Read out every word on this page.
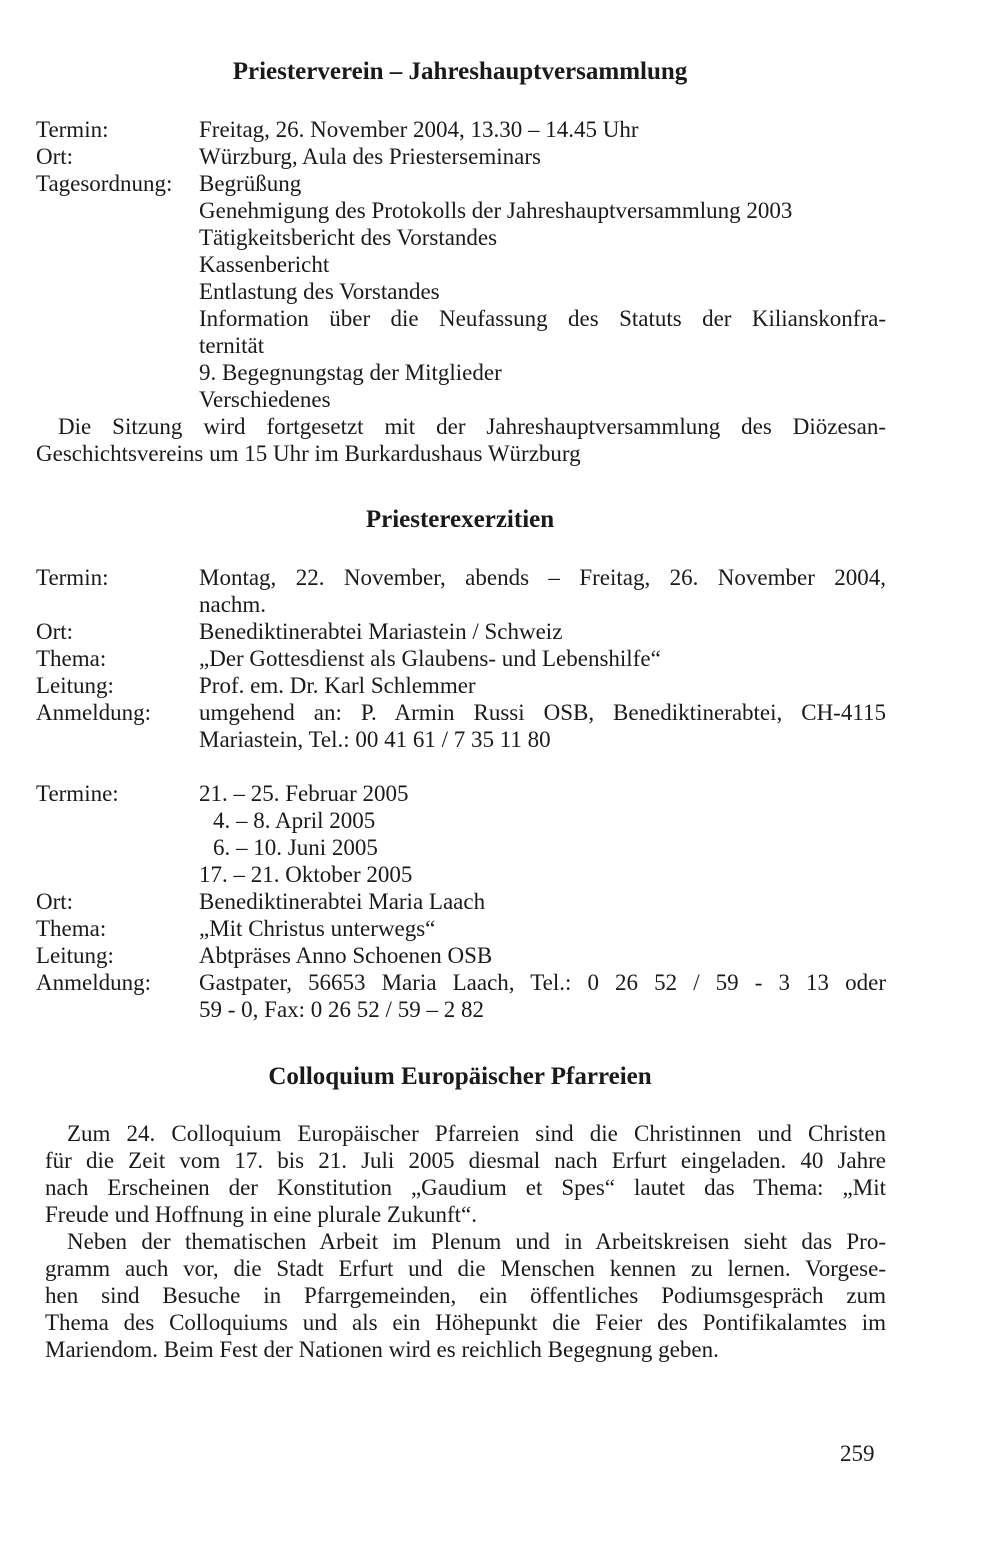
Priesterverein – Jahreshauptversammlung
Termin:	Freitag, 26. November 2004, 13.30 – 14.45 Uhr
Ort:	Würzburg, Aula des Priesterseminars
Tagesordnung:	Begrüßung
Genehmigung des Protokolls der Jahreshauptversammlung 2003
Tätigkeitsbericht des Vorstandes
Kassenbericht
Entlastung des Vorstandes
Information über die Neufassung des Statuts der Kilianskonfra-
ternität
9. Begegnungstag der Mitglieder
Verschiedenes
Die Sitzung wird fortgesetzt mit der Jahreshauptversammlung des Diözesan-
Geschichtsvereins um 15 Uhr im Burkardushaus Würzburg
Priesterexerzitien
Termin:	Montag, 22. November, abends – Freitag, 26. November 2004,
nachm.
Ort:	Benediktinerabtei Mariastein / Schweiz
Thema:	„Der Gottesdienst als Glaubens- und Lebenshilfe“
Leitung:	Prof. em. Dr. Karl Schlemmer
Anmeldung:	umgehend an: P. Armin Russi OSB, Benediktinerabtei, CH-4115
Mariastein, Tel.: 00 41 61 / 7 35 11 80
Termine:	21. – 25. Februar 2005
4. – 8. April 2005
6. – 10. Juni 2005
17. – 21. Oktober 2005
Ort:	Benediktinerabtei Maria Laach
Thema:	„Mit Christus unterwegs“
Leitung:	Abtpräses Anno Schoenen OSB
Anmeldung:	Gastpater, 56653 Maria Laach, Tel.: 0 26 52 / 59 - 3 13 oder
59 - 0, Fax: 0 26 52 / 59 – 2 82
Colloquium Europäischer Pfarreien
Zum 24. Colloquium Europäischer Pfarreien sind die Christinnen und Christen
für die Zeit vom 17. bis 21. Juli 2005 diesmal nach Erfurt eingeladen. 40 Jahre
nach Erscheinen der Konstitution „Gaudium et Spes“ lautet das Thema: „Mit
Freude und Hoffnung in eine plurale Zukunft“.
Neben der thematischen Arbeit im Plenum und in Arbeitskreisen sieht das Pro-
gramm auch vor, die Stadt Erfurt und die Menschen kennen zu lernen. Vorgese-
hen sind Besuche in Pfarrgemeinden, ein öffentliches Podiumsgespräch zum
Thema des Colloquiums und als ein Höhepunkt die Feier des Pontifikalamtes im
Mariendom. Beim Fest der Nationen wird es reichlich Begegnung geben.
259
